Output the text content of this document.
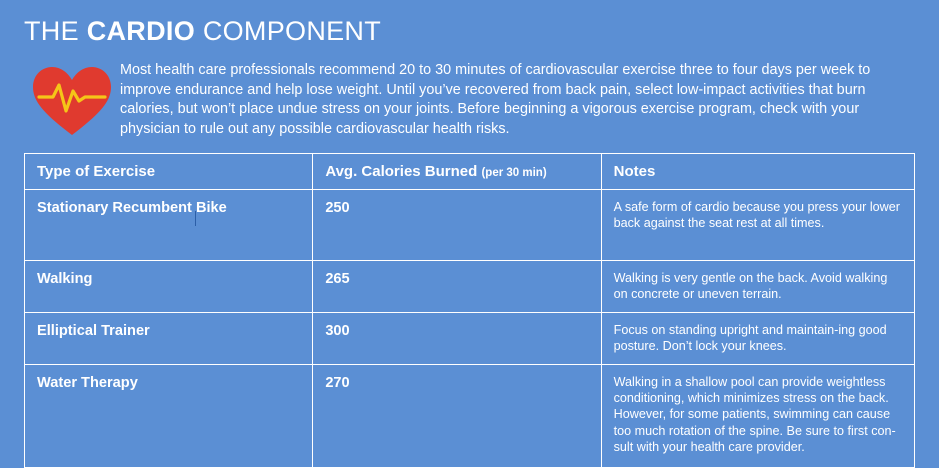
THE CARDIO COMPONENT
Most health care professionals recommend 20 to 30 minutes of cardiovascular exercise three to four days per week to improve endurance and help lose weight. Until you’ve recovered from back pain, select low-impact activities that burn calories, but won’t place undue stress on your joints. Before beginning a vigorous exercise program, check with your physician to rule out any possible cardiovascular health risks.
Type of Exercise	Avg. Calories Burned (per 30 min)	Notes
Stationary Recumbent Bike	250	A safe form of cardio because you press your lower back against the seat rest at all times.
Walking	265	Walking is very gentle on the back. Avoid walking on concrete or uneven terrain.
Elliptical Trainer	300	Focus on standing upright and maintain-ing good posture. Don’t lock your knees.
Water Therapy	270	Walking in a shallow pool can provide weightless conditioning, which minimizes stress on the back. However, for some patients, swimming can cause too much rotation of the spine. Be sure to first con-sult with your health care provider.
